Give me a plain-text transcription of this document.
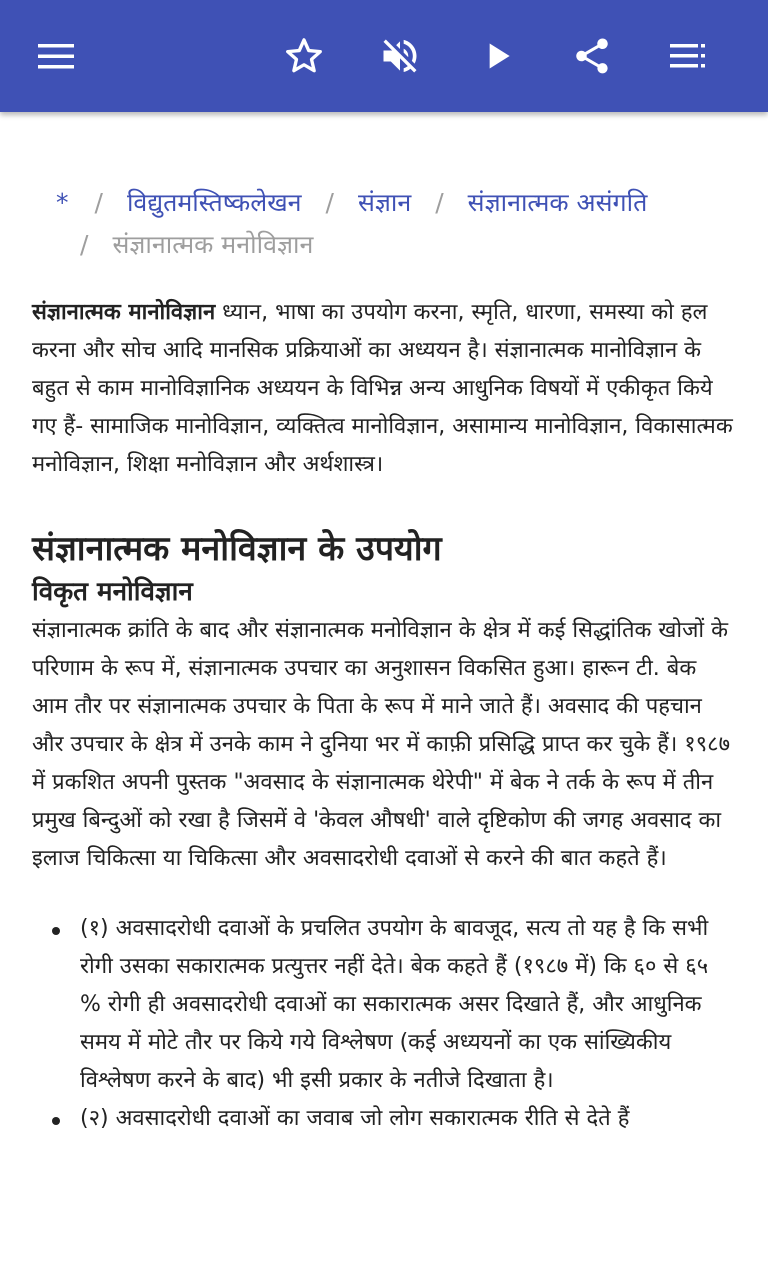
* / विद्युतमस्तिष्कलेखन / संज्ञान / संज्ञानात्मक असंगति
/ संज्ञानात्मक मनोविज्ञान

संज्ञानात्मक मानोविज्ञान ध्यान, भाषा का उपयोग करना, स्मृति, धारणा, समस्या को हल करना और सोच आदि मानसिक प्रक्रियाओं का अध्ययन है। संज्ञानात्मक मानोविज्ञान के बहुत से काम मानोविज्ञानिक अध्ययन के विभिन्न अन्य आधुनिक विषयों में एकीकृत किये गए हैं- सामाजिक मानोविज्ञान, व्यक्तित्व मानोविज्ञान, असामान्य मानोविज्ञान, विकासात्मक मनोविज्ञान, शिक्षा मनोविज्ञान और अर्थशास्त्र।

संज्ञानात्मक मनोविज्ञान के उपयोग
विकृत मनोविज्ञान

संज्ञानात्मक क्रांति के बाद और संज्ञानात्मक मनोविज्ञान के क्षेत्र में कई सिद्धांतिक खोजों के परिणाम के रूप में, संज्ञानात्मक उपचार का अनुशासन विकसित हुआ। हारून टी. बेक आम तौर पर संज्ञानात्मक उपचार के पिता के रूप में माने जाते हैं। अवसाद की पहचान और उपचार के क्षेत्र में उनके काम ने दुनिया भर में काफ़ी प्रसिद्धि प्राप्त कर चुके हैं। १९८७ में प्रकशित अपनी पुस्तक "अवसाद के संज्ञानात्मक थेरेपी" में बेक ने तर्क के रूप में तीन प्रमुख बिन्दुओं को रखा है जिसमें वे 'केवल औषधी' वाले दृष्टिकोण की जगह अवसाद का इलाज चिकित्सा या चिकित्सा और अवसादरोधी दवाओं से करने की बात कहते हैं।

(१) अवसादरोधी दवाओं के प्रचलित उपयोग के बावजूद, सत्य तो यह है कि सभी रोगी उसका सकारात्मक प्रत्युत्तर नहीं देते। बेक कहते हैं (१९८७ में) कि ६० से ६५ % रोगी ही अवसादरोधी दवाओं का सकारात्मक असर दिखाते हैं, और आधुनिक समय में मोटे तौर पर किये गये विश्लेषण (कई अध्ययनों का एक सांख्यिकीय विश्लेषण करने के बाद) भी इसी प्रकार के नतीजे दिखाता है।
(२) अवसादरोधी दवाओं का जवाब जो लोग सकारात्मक रीति से देते हैं
